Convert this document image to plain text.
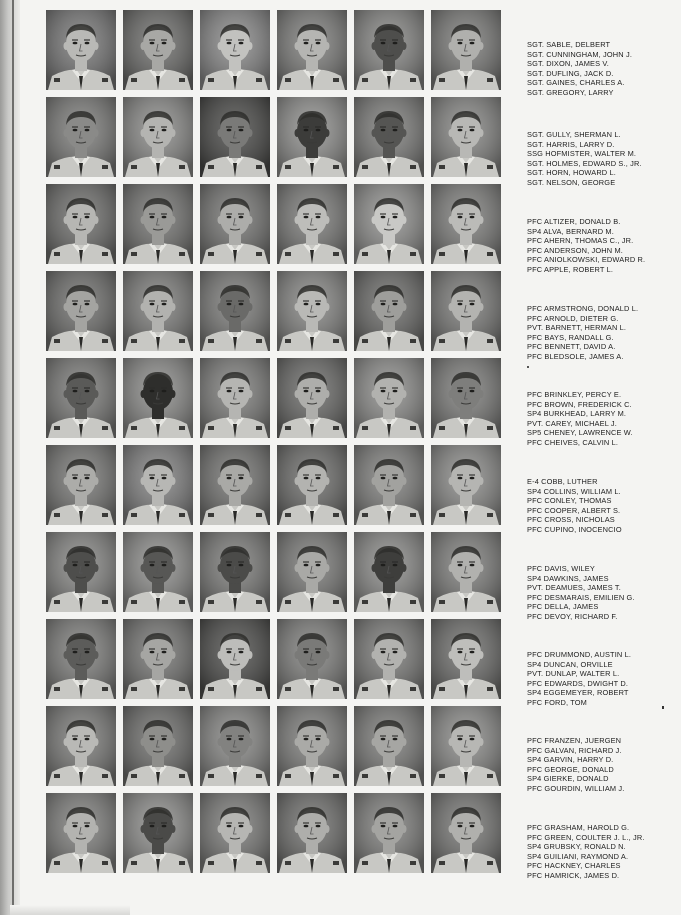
SGT. SABLE, DELBERT
SGT. CUNNINGHAM, JOHN J.
SGT. DIXON, JAMES V.
SGT. DUFLING, JACK D.
SGT. GAINES, CHARLES A.
SGT. GREGORY, LARRY
SGT. GULLY, SHERMAN L.
SGT. HARRIS, LARRY D.
SSG HOFMISTER, WALTER M.
SGT. HOLMES, EDWARD S., JR.
SGT. HORN, HOWARD L.
SGT. NELSON, GEORGE
PFC ALTIZER, DONALD B.
SP4 ALVA, BERNARD M.
PFC AHERN, THOMAS C., JR.
PFC ANDERSON, JOHN M.
PFC ANIOLKOWSKI, EDWARD R.
PFC APPLE, ROBERT L.
PFC ARMSTRONG, DONALD L.
PFC ARNOLD, DIETER G.
PVT. BARNETT, HERMAN L.
PFC BAYS, RANDALL G.
PFC BENNETT, DAVID A.
PFC BLEDSOLE, JAMES A.
PFC BRINKLEY, PERCY E.
PFC BROWN, FREDERICK C.
SP4 BURKHEAD, LARRY M.
PVT. CAREY, MICHAEL J.
SP5 CHENEY, LAWRENCE W.
PFC CHEIVES, CALVIN L.
E-4 COBB, LUTHER
SP4 COLLINS, WILLIAM L.
PFC CONLEY, THOMAS
PFC COOPER, ALBERT S.
PFC CROSS, NICHOLAS
PFC CUPINO, INOCENCIO
PFC DAVIS, WILEY
SP4 DAWKINS, JAMES
PVT. DEAMUES, JAMES T.
PFC DESMARAIS, EMILIEN G.
PFC DELLA, JAMES
PFC DEVOY, RICHARD F.
PFC DRUMMOND, AUSTIN L.
SP4 DUNCAN, ORVILLE
PVT. DUNLAP, WALTER L.
PFC EDWARDS, DWIGHT D.
SP4 EGGEMEYER, ROBERT
PFC FORD, TOM
PFC FRANZEN, JUERGEN
PFC GALVAN, RICHARD J.
SP4 GARVIN, HARRY D.
PFC GEORGE, DONALD
SP4 GIERKE, DONALD
PFC GOURDIN, WILLIAM J.
PFC GRASHAM, HAROLD G.
PFC GREEN, COULTER J. L., JR.
SP4 GRUBSKY, RONALD N.
SP4 GUILIANI, RAYMOND A.
PFC HACKNEY, CHARLES
PFC HAMRICK, JAMES D.
